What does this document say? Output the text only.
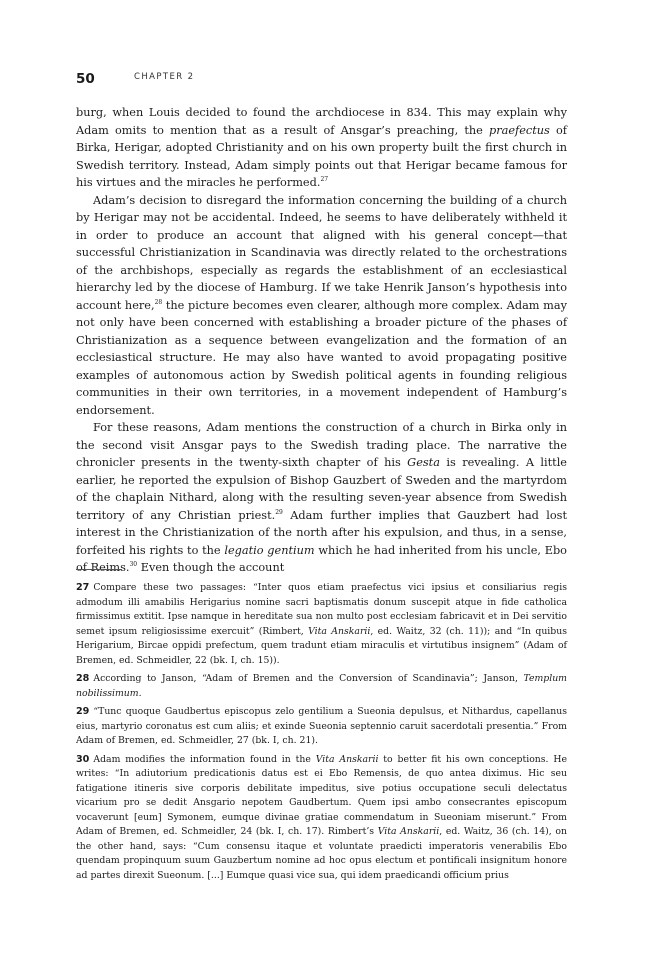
50	CHAPTER 2

burg, when Louis decided to found the archdiocese in 834. This may explain why Adam omits to mention that as a result of Ansgar’s preaching, the praefectus of Birka, Herigar, adopted Christianity and on his own property built the first church in Swedish territory. Instead, Adam simply points out that Herigar became famous for his virtues and the miracles he performed.$^{27}$

Adam’s decision to disregard the information concerning the building of a church by Herigar may not be accidental. Indeed, he seems to have deliberately withheld it in order to produce an account that aligned with his general concept—that successful Christianization in Scandinavia was directly related to the orchestrations of the archbishops, especially as regards the establishment of an ecclesiastical hierarchy led by the diocese of Hamburg. If we take Henrik Janson’s hypothesis into account here,$^{28}$ the picture becomes even clearer, although more complex. Adam may not only have been concerned with establishing a broader picture of the phases of Christianization as a sequence between evangelization and the formation of an ecclesiastical structure. He may also have wanted to avoid propagating positive examples of autonomous action by Swedish political agents in founding religious communities in their own territories, in a movement independent of Hamburg’s endorsement.

For these reasons, Adam mentions the construction of a church in Birka only in the second visit Ansgar pays to the Swedish trading place. The narrative the chronicler presents in the twenty-sixth chapter of his Gesta is revealing. A little earlier, he reported the expulsion of Bishop Gauzbert of Sweden and the martyrdom of the chaplain Nithard, along with the resulting seven-year absence from Swedish territory of any Christian priest.$^{29}$ Adam further implies that Gauzbert had lost interest in the Christianization of the north after his expulsion, and thus, in a sense, forfeited his rights to the legatio gentium which he had inherited from his uncle, Ebo of Reims.$^{30}$ Even though the account

27 Compare these two passages: “Inter quos etiam praefectus vici ipsius et consiliarius regis admodum illi amabilis Herigarius nomine sacri baptismatis donum suscepit atque in fide catholica firmissimus extitit. Ipse namque in hereditate sua non multo post ecclesiam fabricavit et in Dei servitio semet ipsum religiosissime exercuit” (Rimbert, Vita Anskarii, ed. Waitz, 32 (ch. 11)); and “In quibus Herigarium, Bircae oppidi prefectum, quem tradunt etiam miraculis et virtutibus insignem” (Adam of Bremen, ed. Schmeidler, 22 (bk. I, ch. 15)).

28 According to Janson, “Adam of Bremen and the Conversion of Scandinavia”; Janson, Templum nobilissimum.

29 “Tunc quoque Gaudbertus episcopus zelo gentilium a Sueonia depulsus, et Nithardus, capellanus eius, martyrio coronatus est cum aliis; et exinde Sueonia septennio caruit sacerdotali presentia.” From Adam of Bremen, ed. Schmeidler, 27 (bk. I, ch. 21).

30 Adam modifies the information found in the Vita Anskarii to better fit his own conceptions. He writes: “In adiutorium predicationis datus est ei Ebo Remensis, de quo antea diximus. Hic seu fatigatione itineris sive corporis debilitate impeditus, sive potius occupatione seculi delectatus vicarium pro se dedit Ansgario nepotem Gaudbertum. Quem ipsi ambo consecrantes episcopum vocaverunt [eum] Symonem, eumque divinae gratiae commendatum in Sueoniam miserunt.” From Adam of Bremen, ed. Schmeidler, 24 (bk. I, ch. 17). Rimbert’s Vita Anskarii, ed. Waitz, 36 (ch. 14), on the other hand, says: “Cum consensu itaque et voluntate praedicti imperatoris venerabilis Ebo quendam propinquum suum Gauzbertum nomine ad hoc opus electum et pontificali insignitum honore ad partes direxit Sueonum. [...] Eumque quasi vice sua, qui idem praedicandi officium prius
